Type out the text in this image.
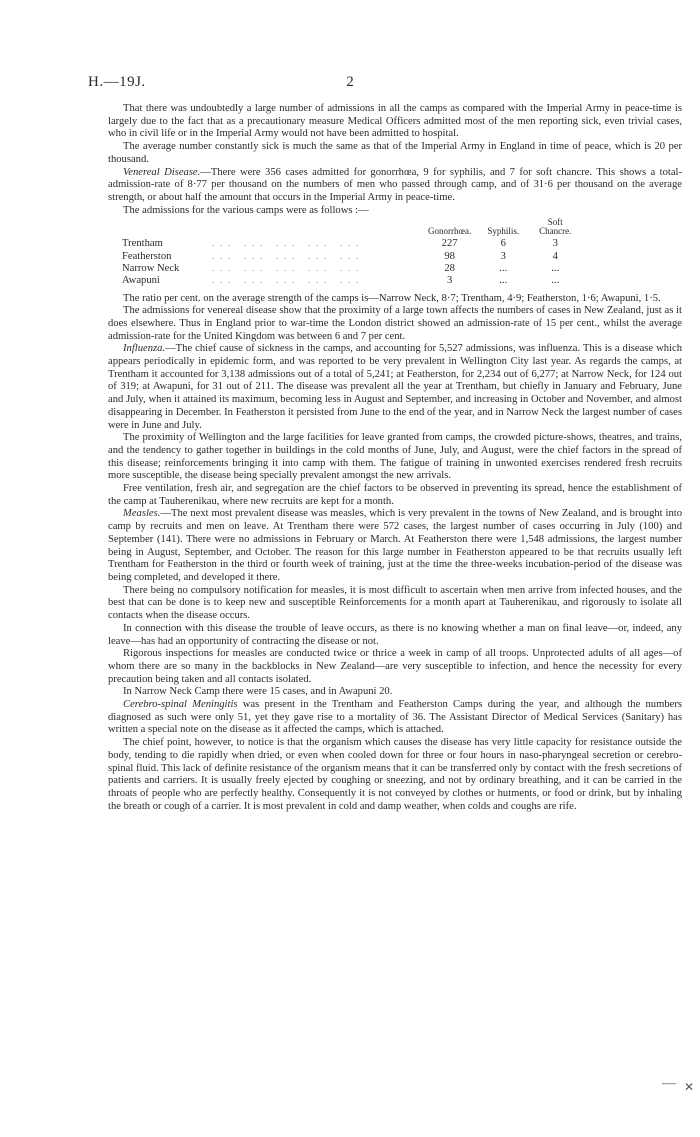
H.—19J.	2

That there was undoubtedly a large number of admissions in all the camps as compared with the Imperial Army in peace-time is largely due to the fact that as a precautionary measure Medical Officers admitted most of the men reporting sick, even trivial cases, who in civil life or in the Imperial Army would not have been admitted to hospital.

The average number constantly sick is much the same as that of the Imperial Army in England in time of peace, which is 20 per thousand.

Venereal Disease.—There were 356 cases admitted for gonorrhœa, 9 for syphilis, and 7 for soft chancre. This shows a total-admission-rate of 8·77 per thousand on the numbers of men who passed through camp, and of 31·6 per thousand on the average strength, or about half the amount that occurs in the Imperial Army in peace-time.

The admissions for the various camps were as follows :—

		Gonorrhœa.	Syphilis.	Soft Chancre.
Trentham	... ... ... ... ...	227	6	3
Featherston	... ... ... ... ...	98	3	4
Narrow Neck	... ... ... ... ...	28	...	...
Awapuni	... ... ... ... ...	3	...	...

The ratio per cent. on the average strength of the camps is—Narrow Neck, 8·7; Trentham, 4·9; Featherston, 1·6; Awapuni, 1·5.

The admissions for venereal disease show that the proximity of a large town affects the numbers of cases in New Zealand, just as it does elsewhere. Thus in England prior to war-time the London district showed an admission-rate of 15 per cent., whilst the average admission-rate for the United Kingdom was between 6 and 7 per cent.

Influenza.—The chief cause of sickness in the camps, and accounting for 5,527 admissions, was influenza. This is a disease which appears periodically in epidemic form, and was reported to be very prevalent in Wellington City last year. As regards the camps, at Trentham it accounted for 3,138 admissions out of a total of 5,241; at Featherston, for 2,234 out of 6,277; at Narrow Neck, for 124 out of 319; at Awapuni, for 31 out of 211. The disease was prevalent all the year at Trentham, but chiefly in January and February, June and July, when it attained its maximum, becoming less in August and September, and increasing in October and November, and almost disappearing in December. In Featherston it persisted from June to the end of the year, and in Narrow Neck the largest number of cases were in June and July.

The proximity of Wellington and the large facilities for leave granted from camps, the crowded picture-shows, theatres, and trains, and the tendency to gather together in buildings in the cold months of June, July, and August, were the chief factors in the spread of this disease; reinforcements bringing it into camp with them. The fatigue of training in unwonted exercises rendered fresh recruits more susceptible, the disease being specially prevalent amongst the new arrivals.

Free ventilation, fresh air, and segregation are the chief factors to be observed in preventing its spread, hence the establishment of the camp at Tauherenikau, where new recruits are kept for a month.

Measles.—The next most prevalent disease was measles, which is very prevalent in the towns of New Zealand, and is brought into camp by recruits and men on leave. At Trentham there were 572 cases, the largest number of cases occurring in July (100) and September (141). There were no admissions in February or March. At Featherston there were 1,548 admissions, the largest number being in August, September, and October. The reason for this large number in Featherston appeared to be that recruits usually left Trentham for Featherston in the third or fourth week of training, just at the time the three-weeks incubation-period of the disease was being completed, and developed it there.

There being no compulsory notification for measles, it is most difficult to ascertain when men arrive from infected houses, and the best that can be done is to keep new and susceptible Reinforcements for a month apart at Tauherenikau, and rigorously to isolate all contacts when the disease occurs.

In connection with this disease the trouble of leave occurs, as there is no knowing whether a man on final leave—or, indeed, any leave—has had an opportunity of contracting the disease or not.

Rigorous inspections for measles are conducted twice or thrice a week in camp of all troops. Unprotected adults of all ages—of whom there are so many in the backblocks in New Zealand—are very susceptible to infection, and hence the necessity for every precaution being taken and all contacts isolated.

In Narrow Neck Camp there were 15 cases, and in Awapuni 20.

Cerebro-spinal Meningitis was present in the Trentham and Featherston Camps during the year, and although the numbers diagnosed as such were only 51, yet they gave rise to a mortality of 36. The Assistant Director of Medical Services (Sanitary) has written a special note on the disease as it affected the camps, which is attached.

The chief point, however, to notice is that the organism which causes the disease has very little capacity for resistance outside the body, tending to die rapidly when dried, or even when cooled down for three or four hours in naso-pharyngeal secretion or cerebro-spinal fluid. This lack of definite resistance of the organism means that it can be transferred only by contact with the fresh secretions of patients and carriers. It is usually freely ejected by coughing or sneezing, and not by ordinary breathing, and it can be carried in the throats of people who are perfectly healthy. Consequently it is not conveyed by clothes or hutments, or food or drink, but by inhaling the breath or cough of a carrier. It is most prevalent in cold and damp weather, when colds and coughs are rife.

— ✕
